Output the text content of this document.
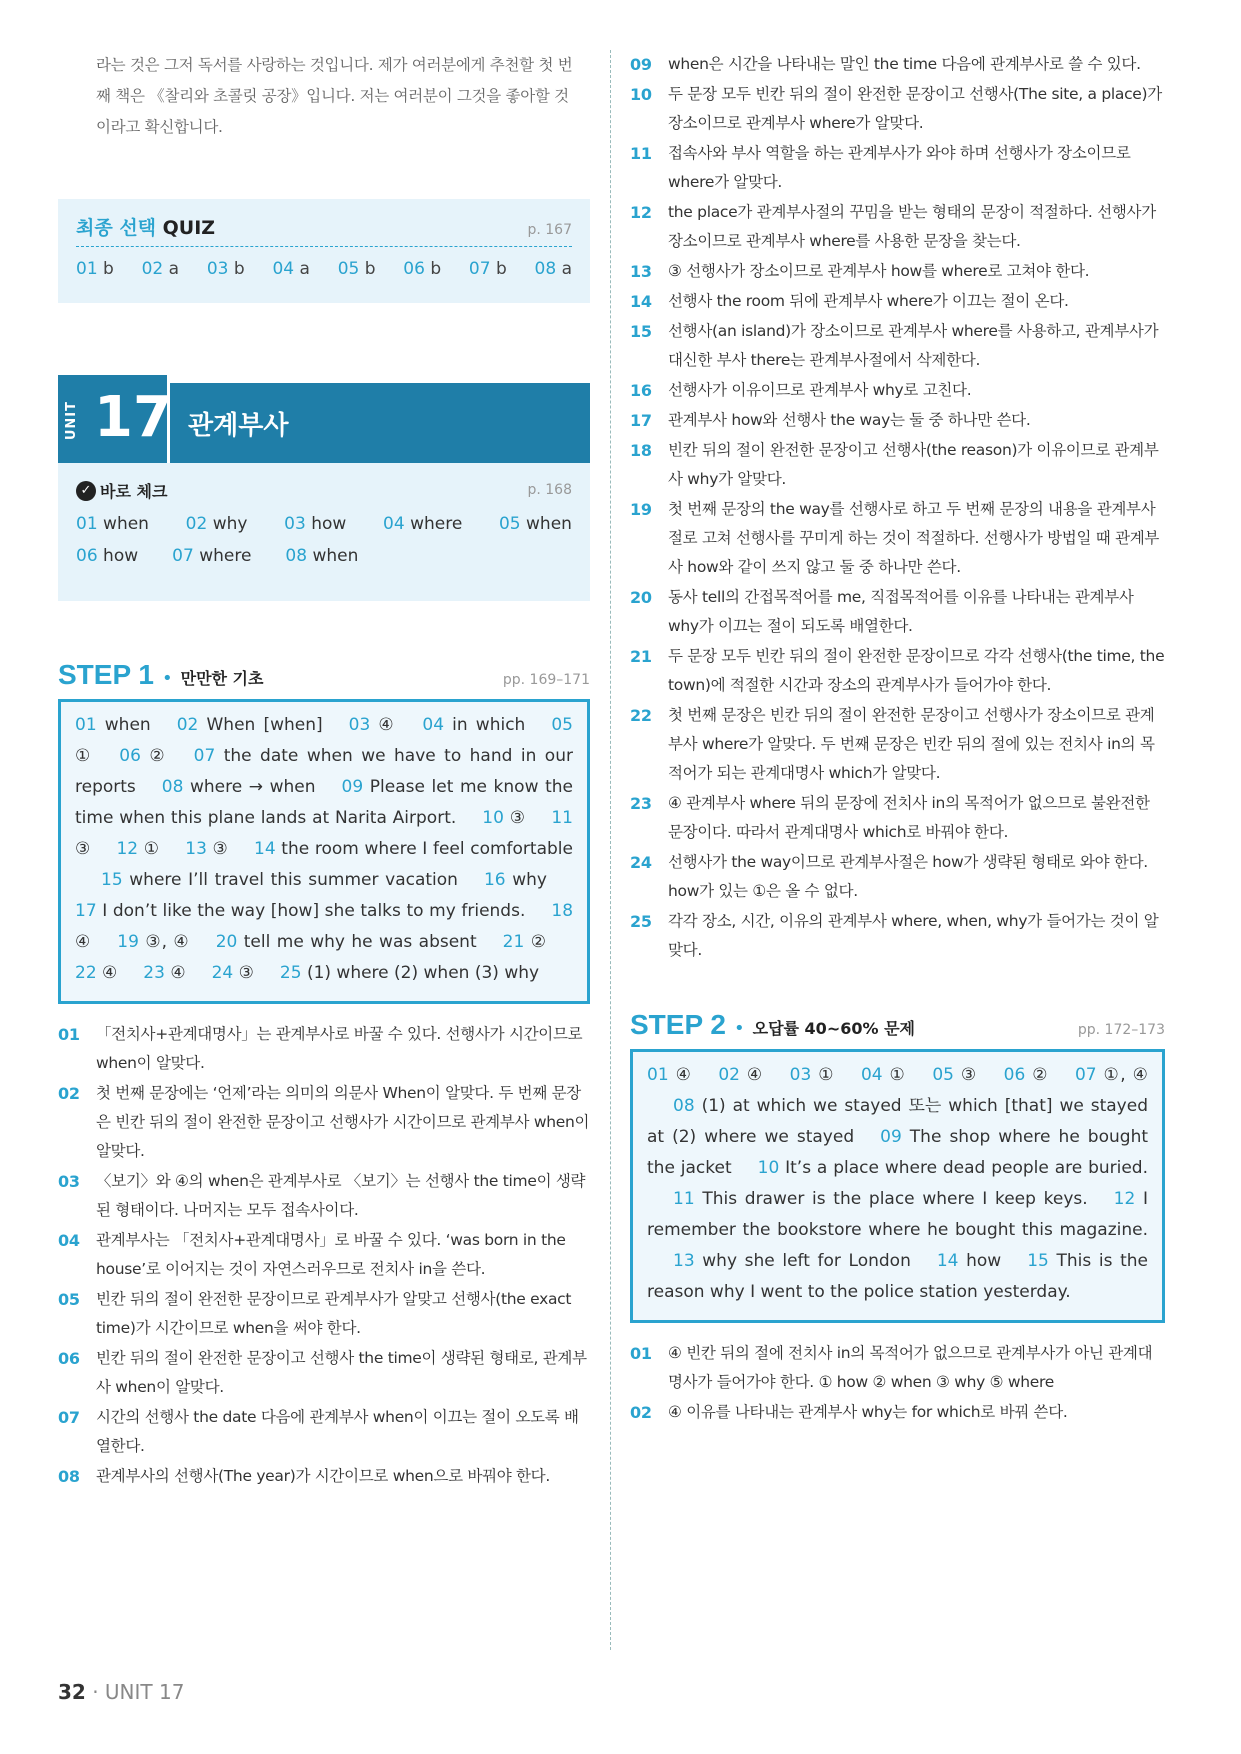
라는 것은 그저 독서를 사랑하는 것입니다. 제가 여러분에게 추천할 첫 번째 책은 《찰리와 초콜릿 공장》입니다. 저는 여러분이 그것을 좋아할 것이라고 확신합니다.

최종 선택 QUIZ	p. 167
01 b 02 a 03 b 04 a 05 b 06 b 07 b 08 a
UNIT 17 관계부사
✓ 바로 체크	p. 168
01 when 02 why 03 how 04 where 05 when
06 how 07 where 08 when
STEP 1 • 만만한 기초	pp. 169–171
01 when 02 When [when] 03 ④ 04 in which 05 ① 06 ② 07 the date when we have to hand in our reports 08 where → when 09 Please let me know the time when this plane lands at Narita Airport. 10 ③ 11 ③ 12 ① 13 ③ 14 the room where I feel comfortable15 where I’ll travel this summer vacation 16 why17 I don’t like the way [how] she talks to my friends. 18 ④ 19 ③, ④ 20 tell me why he was absent 21 ②22 ④ 23 ④ 24 ③ 25 (1) where (2) when (3) why
01	「전치사+관계대명사」는 관계부사로 바꿀 수 있다. 선행사가 시간이므로 when이 알맞다.
02	첫 번째 문장에는 ‘언제’라는 의미의 의문사 When이 알맞다. 두 번째 문장은 빈칸 뒤의 절이 완전한 문장이고 선행사가 시간이므로 관계부사 when이 알맞다.
03	〈보기〉와 ④의 when은 관계부사로 〈보기〉는 선행사 the time이 생략된 형태이다. 나머지는 모두 접속사이다.
04	관계부사는 「전치사+관계대명사」로 바꿀 수 있다. ‘was born in the house’로 이어지는 것이 자연스러우므로 전치사 in을 쓴다.
05	빈칸 뒤의 절이 완전한 문장이므로 관계부사가 알맞고 선행사(the exact time)가 시간이므로 when을 써야 한다.
06	빈칸 뒤의 절이 완전한 문장이고 선행사 the time이 생략된 형태로, 관계부사 when이 알맞다.
07	시간의 선행사 the date 다음에 관계부사 when이 이끄는 절이 오도록 배열한다.
08	관계부사의 선행사(The year)가 시간이므로 when으로 바꿔야 한다.
09	when은 시간을 나타내는 말인 the time 다음에 관계부사로 쓸 수 있다.
10	두 문장 모두 빈칸 뒤의 절이 완전한 문장이고 선행사(The site, a place)가 장소이므로 관계부사 where가 알맞다.
11	접속사와 부사 역할을 하는 관계부사가 와야 하며 선행사가 장소이므로 where가 알맞다.
12	the place가 관계부사절의 꾸밈을 받는 형태의 문장이 적절하다. 선행사가 장소이므로 관계부사 where를 사용한 문장을 찾는다.
13	③ 선행사가 장소이므로 관계부사 how를 where로 고쳐야 한다.
14	선행사 the room 뒤에 관계부사 where가 이끄는 절이 온다.
15	선행사(an island)가 장소이므로 관계부사 where를 사용하고, 관계부사가 대신한 부사 there는 관계부사절에서 삭제한다.
16	선행사가 이유이므로 관계부사 why로 고친다.
17	관계부사 how와 선행사 the way는 둘 중 하나만 쓴다.
18	빈칸 뒤의 절이 완전한 문장이고 선행사(the reason)가 이유이므로 관계부사 why가 알맞다.
19	첫 번째 문장의 the way를 선행사로 하고 두 번째 문장의 내용을 관계부사절로 고쳐 선행사를 꾸미게 하는 것이 적절하다. 선행사가 방법일 때 관계부사 how와 같이 쓰지 않고 둘 중 하나만 쓴다.
20	동사 tell의 간접목적어를 me, 직접목적어를 이유를 나타내는 관계부사 why가 이끄는 절이 되도록 배열한다.
21	두 문장 모두 빈칸 뒤의 절이 완전한 문장이므로 각각 선행사(the time, the town)에 적절한 시간과 장소의 관계부사가 들어가야 한다.
22	첫 번째 문장은 빈칸 뒤의 절이 완전한 문장이고 선행사가 장소이므로 관계부사 where가 알맞다. 두 번째 문장은 빈칸 뒤의 절에 있는 전치사 in의 목적어가 되는 관계대명사 which가 알맞다.
23	④ 관계부사 where 뒤의 문장에 전치사 in의 목적어가 없으므로 불완전한 문장이다. 따라서 관계대명사 which로 바꿔야 한다.
24	선행사가 the way이므로 관계부사절은 how가 생략된 형태로 와야 한다. how가 있는 ①은 올 수 없다.
25	각각 장소, 시간, 이유의 관계부사 where, when, why가 들어가는 것이 알맞다.
STEP 2 • 오답률 40~60% 문제	pp. 172–173
01 ④ 02 ④ 03 ① 04 ① 05 ③ 06 ② 07 ①, ④08 (1) at which we stayed 또는 which [that] we stayed at (2) where we stayed 09 The shop where he bought the jacket 10 It’s a place where dead people are buried.11 This drawer is the place where I keep keys. 12 I remember the bookstore where he bought this magazine.13 why she left for London 14 how 15 This is the reason why I went to the police station yesterday.
01	④ 빈칸 뒤의 절에 전치사 in의 목적어가 없으므로 관계부사가 아닌 관계대명사가 들어가야 한다. ① how ② when ③ why ⑤ where
02	④ 이유를 나타내는 관계부사 why는 for which로 바꿔 쓴다.
32 · UNIT 17
